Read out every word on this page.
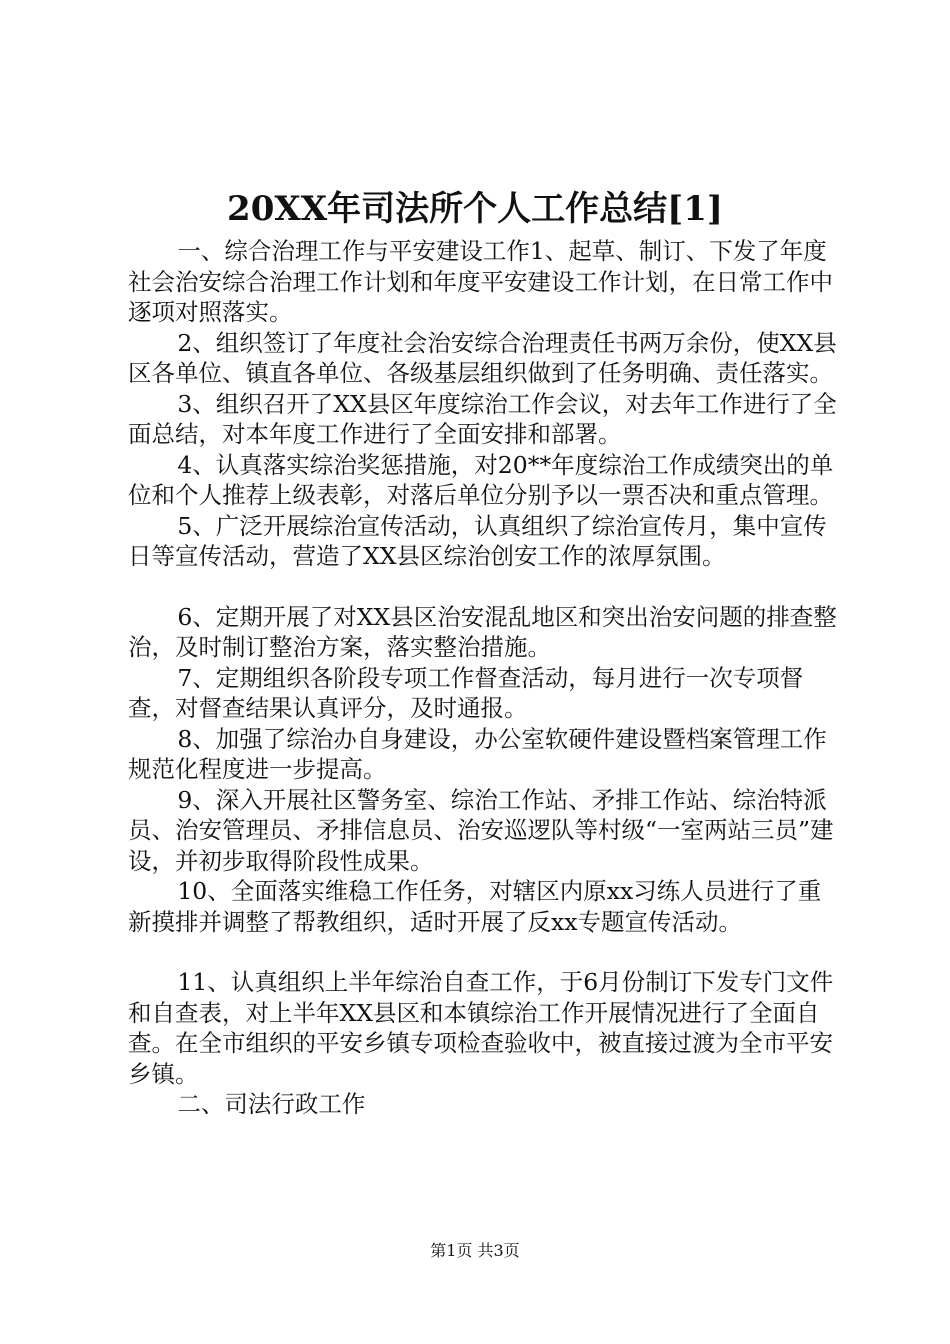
20XX年司法所个人工作总结[1]

一、综合治理工作与平安建设工作1、起草、制订、下发了年度社会治安综合治理工作计划和年度平安建设工作计划，在日常工作中逐项对照落实。

2、组织签订了年度社会治安综合治理责任书两万余份，使XX县区各单位、镇直各单位、各级基层组织做到了任务明确、责任落实。

3、组织召开了XX县区年度综治工作会议，对去年工作进行了全面总结，对本年度工作进行了全面安排和部署。

4、认真落实综治奖惩措施，对20**年度综治工作成绩突出的单位和个人推荐上级表彰，对落后单位分别予以一票否决和重点管理。

5、广泛开展综治宣传活动，认真组织了综治宣传月，集中宣传日等宣传活动，营造了XX县区综治创安工作的浓厚氛围。

6、定期开展了对XX县区治安混乱地区和突出治安问题的排查整治，及时制订整治方案，落实整治措施。

7、定期组织各阶段专项工作督查活动，每月进行一次专项督查，对督查结果认真评分，及时通报。

8、加强了综治办自身建设，办公室软硬件建设暨档案管理工作规范化程度进一步提高。

9、深入开展社区警务室、综治工作站、矛排工作站、综治特派员、治安管理员、矛排信息员、治安巡逻队等村级“一室两站三员”建设，并初步取得阶段性成果。

10、全面落实维稳工作任务，对辖区内原xx习练人员进行了重新摸排并调整了帮教组织，适时开展了反xx专题宣传活动。

11、认真组织上半年综治自查工作，于6月份制订下发专门文件和自查表，对上半年XX县区和本镇综治工作开展情况进行了全面自查。在全市组织的平安乡镇专项检查验收中，被直接过渡为全市平安乡镇。

二、司法行政工作

第1页 共3页
